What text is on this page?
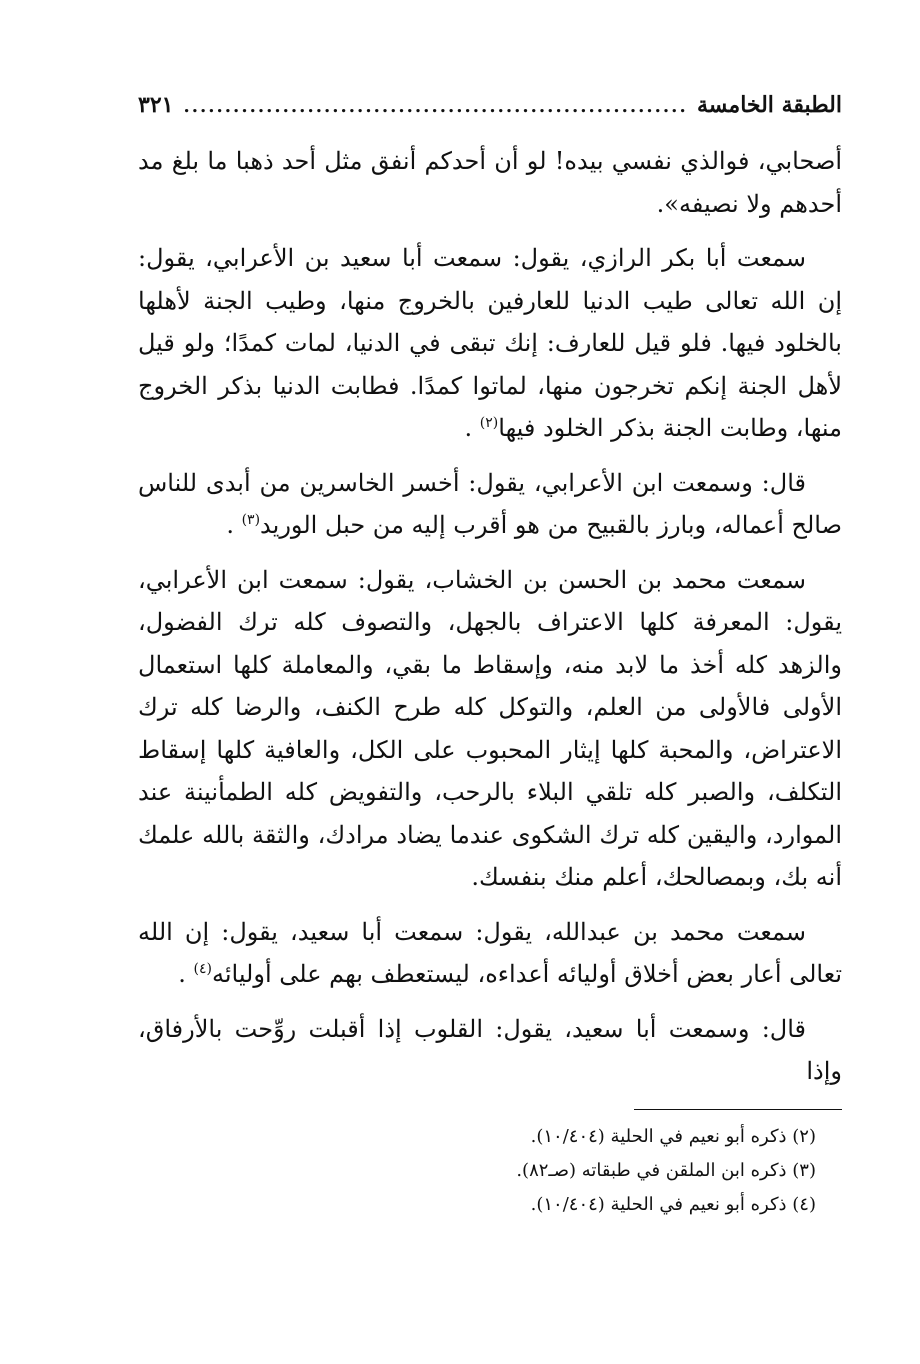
الطبقة الخامسة
.....
٣٢١

أصحابي، فوالذي نفسي بيده! لو أن أحدكم أنفق مثل أحد ذهبا ما بلغ مد أحدهم ولا نصيفه».

سمعت أبا بكر الرازي، يقول: سمعت أبا سعيد بن الأعرابي، يقول: إن الله تعالى طيب الدنيا للعارفين بالخروج منها، وطيب الجنة لأهلها بالخلود فيها. فلو قيل للعارف: إنك تبقى في الدنيا، لمات كمدًا؛ ولو قيل لأهل الجنة إنكم تخرجون منها، لماتوا كمدًا. فطابت الدنيا بذكر الخروج منها، وطابت الجنة بذكر الخلود فيها$^{(٢)}$ .

قال: وسمعت ابن الأعرابي، يقول: أخسر الخاسرين من أبدى للناس صالح أعماله، وبارز بالقبيح من هو أقرب إليه من حبل الوريد$^{(٣)}$ .

سمعت محمد بن الحسن بن الخشاب، يقول: سمعت ابن الأعرابي، يقول: المعرفة كلها الاعتراف بالجهل، والتصوف كله ترك الفضول، والزهد كله أخذ ما لابد منه، وإسقاط ما بقي، والمعاملة كلها استعمال الأولى فالأولى من العلم، والتوكل كله طرح الكنف، والرضا كله ترك الاعتراض، والمحبة كلها إيثار المحبوب على الكل، والعافية كلها إسقاط التكلف، والصبر كله تلقي البلاء بالرحب، والتفويض كله الطمأنينة عند الموارد، واليقين كله ترك الشكوى عندما يضاد مرادك، والثقة بالله علمك أنه بك، وبمصالحك، أعلم منك بنفسك.

سمعت محمد بن عبدالله، يقول: سمعت أبا سعيد، يقول: إن الله تعالى أعار بعض أخلاق أوليائه أعداءه، ليستعطف بهم على أوليائه$^{(٤)}$ .

قال: وسمعت أبا سعيد، يقول: القلوب إذا أقبلت روِّحت بالأرفاق، وإذا

(٢) ذكره أبو نعيم في الحلية (١٠/٤٠٤).

(٣) ذكره ابن الملقن في طبقاته (صـ٨٢).

(٤) ذكره أبو نعيم في الحلية (١٠/٤٠٤).
